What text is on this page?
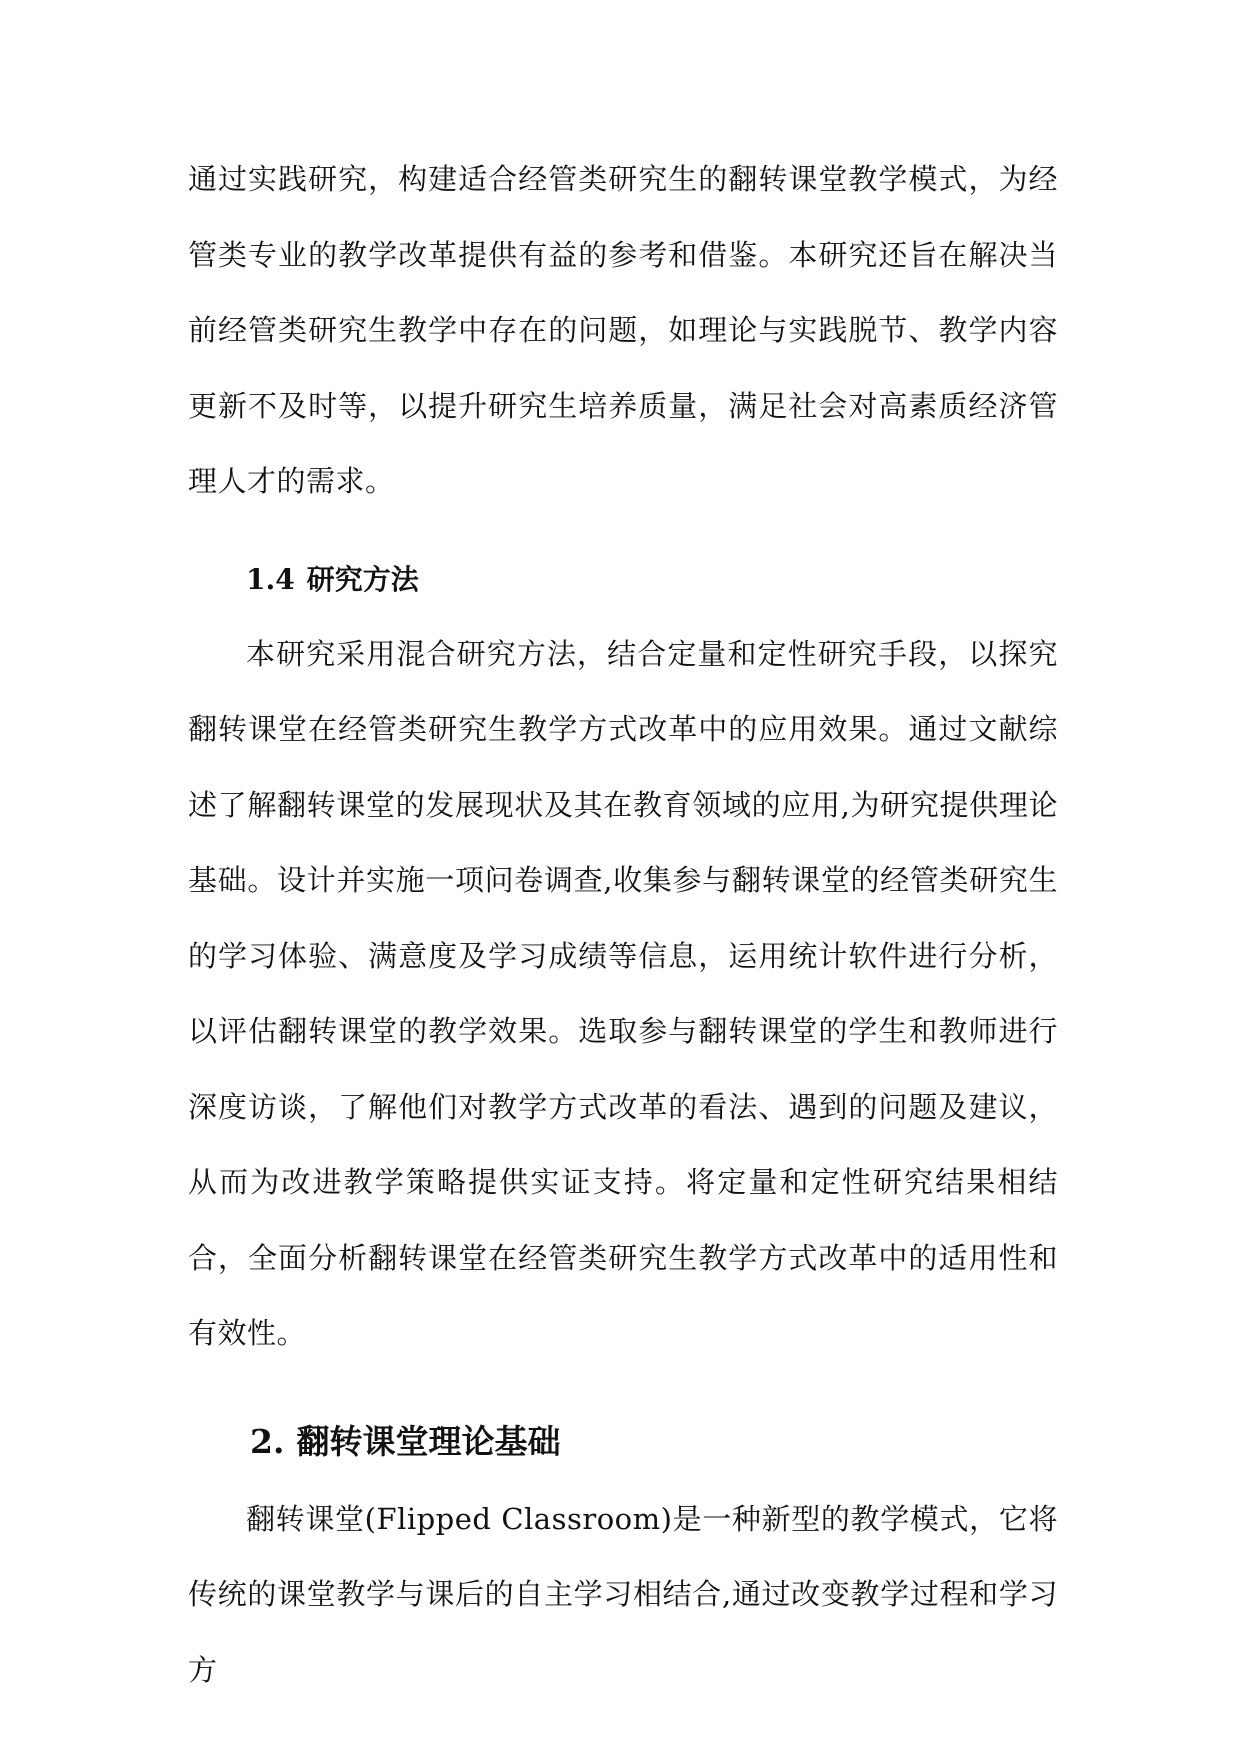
通过实践研究，构建适合经管类研究生的翻转课堂教学模式，为经管类专业的教学改革提供有益的参考和借鉴。本研究还旨在解决当前经管类研究生教学中存在的问题，如理论与实践脱节、教学内容更新不及时等，以提升研究生培养质量，满足社会对高素质经济管理人才的需求。

1.4 研究方法

本研究采用混合研究方法，结合定量和定性研究手段，以探究翻转课堂在经管类研究生教学方式改革中的应用效果。通过文献综述了解翻转课堂的发展现状及其在教育领域的应用,为研究提供理论基础。设计并实施一项问卷调查,收集参与翻转课堂的经管类研究生的学习体验、满意度及学习成绩等信息，运用统计软件进行分析，以评估翻转课堂的教学效果。选取参与翻转课堂的学生和教师进行深度访谈，了解他们对教学方式改革的看法、遇到的问题及建议，从而为改进教学策略提供实证支持。将定量和定性研究结果相结合，全面分析翻转课堂在经管类研究生教学方式改革中的适用性和有效性。

2. 翻转课堂理论基础

翻转课堂(Flipped Classroom)是一种新型的教学模式，它将传统的课堂教学与课后的自主学习相结合,通过改变教学过程和学习方
